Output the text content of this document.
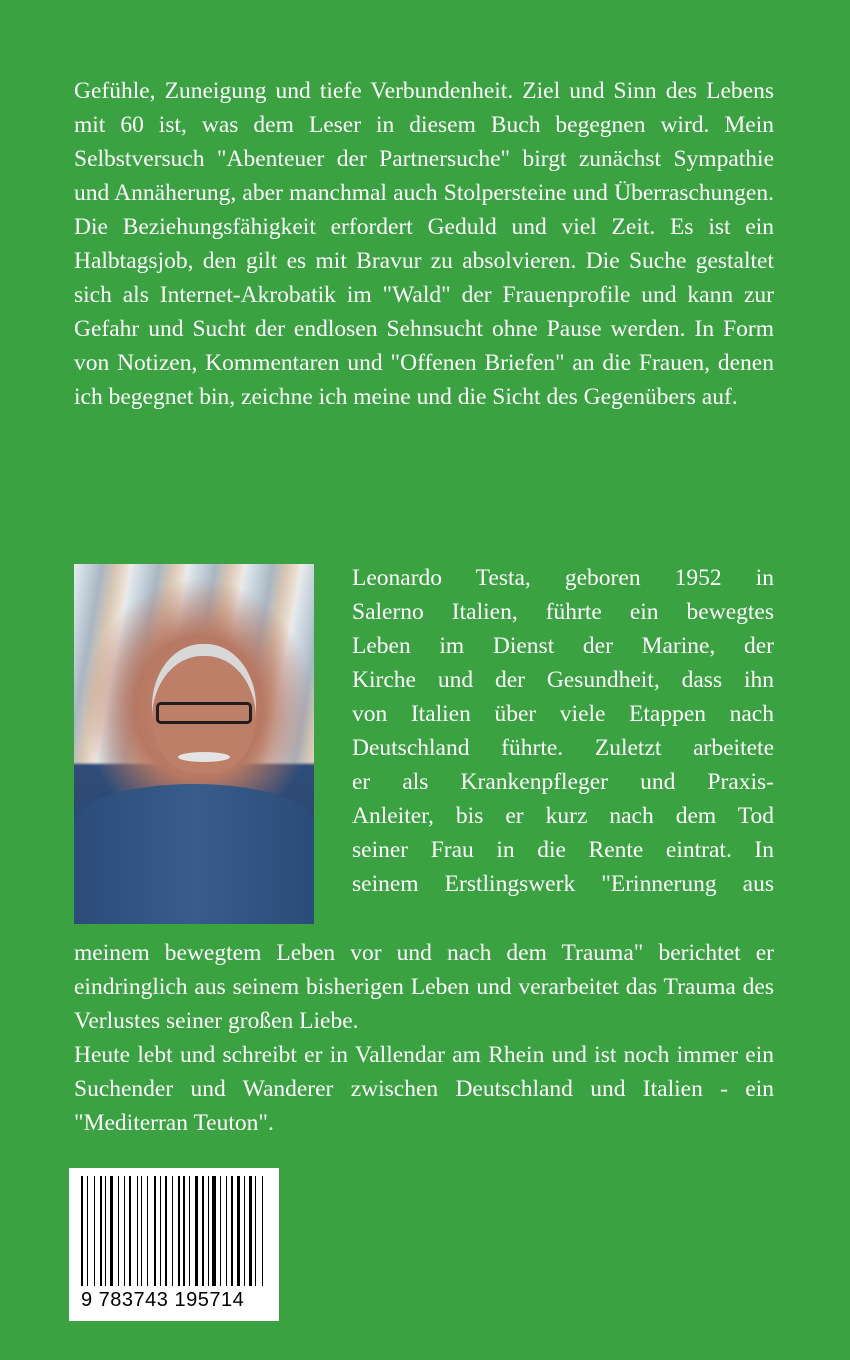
Gefühle, Zuneigung und tiefe Verbundenheit. Ziel und Sinn des Lebens mit 60 ist, was dem Leser in diesem Buch begegnen wird. Mein Selbstversuch "Abenteuer der Partnersuche" birgt zunächst Sympathie und Annäherung, aber manchmal auch Stolpersteine und Überraschungen. Die Beziehungsfähigkeit erfordert Geduld und viel Zeit. Es ist ein Halbtagsjob, den gilt es mit Bravur zu absolvieren. Die Suche gestaltet sich als Internet-Akrobatik im "Wald" der Frauenprofile und kann zur Gefahr und Sucht der endlosen Sehnsucht ohne Pause werden. In Form von Notizen, Kommentaren und "Offenen Briefen" an die Frauen, denen ich begegnet bin, zeichne ich meine und die Sicht des Gegenübers auf.

Leonardo Testa, geboren 1952 in
Salerno Italien, führte ein bewegtes
Leben im Dienst der Marine, der
Kirche und der Gesundheit, dass ihn
von Italien über viele Etappen nach
Deutschland führte. Zuletzt arbeitete
er als Krankenpfleger und Praxis-
Anleiter, bis er kurz nach dem Tod
seiner Frau in die Rente eintrat. In
seinem Erstlingswerk "Erinnerung aus
meinem bewegtem Leben vor und nach dem Trauma" berichtet er eindringlich aus seinem bisherigen Leben und verarbeitet das Trauma des Verlustes seiner großen Liebe.
Heute lebt und schreibt er in Vallendar am Rhein und ist noch immer ein Suchender und Wanderer zwischen Deutschland und Italien - ein "Mediterran Teuton".
9 783743 195714
